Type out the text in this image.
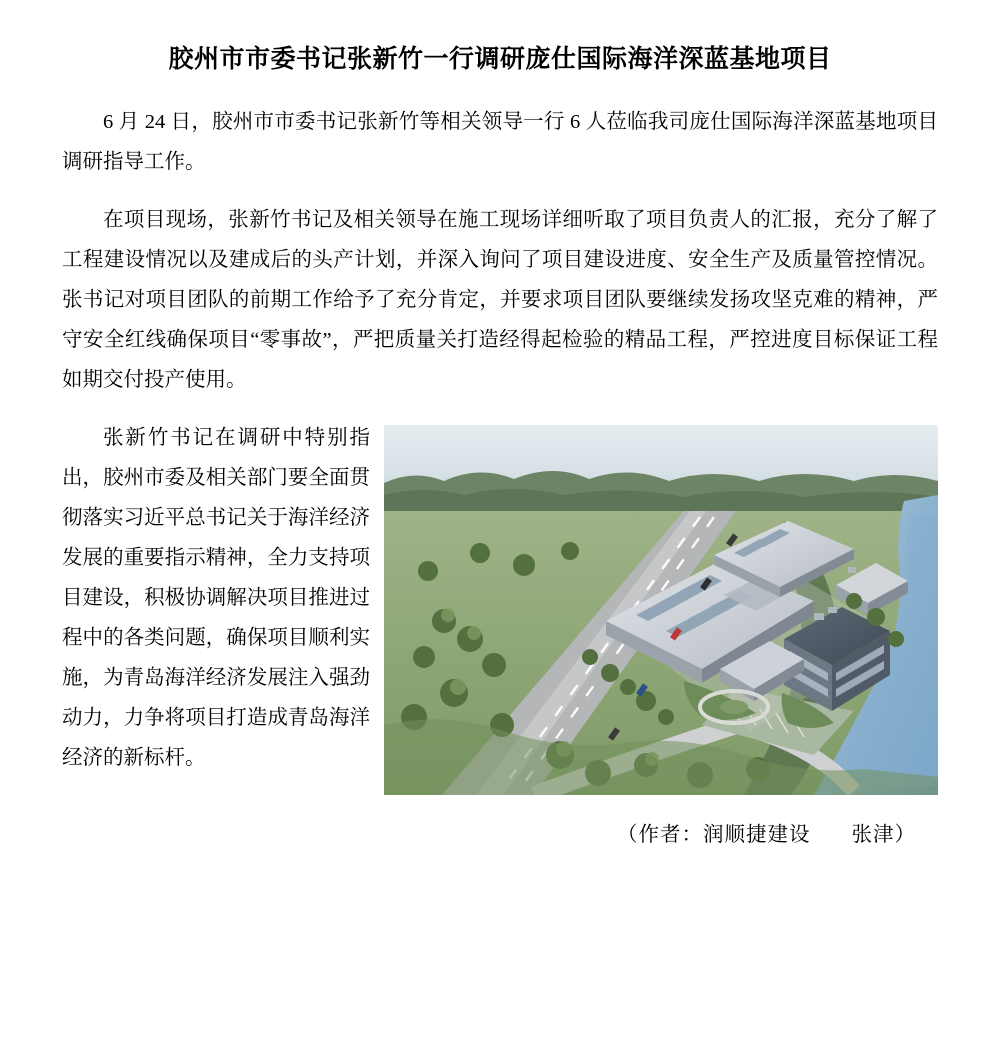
胶州市市委书记张新竹一行调研庞仕国际海洋深蓝基地项目

6 月 24 日，胶州市市委书记张新竹等相关领导一行 6 人莅临我司庞仕国际海洋深蓝基地项目调研指导工作。

在项目现场，张新竹书记及相关领导在施工现场详细听取了项目负责人的汇报，充分了解了工程建设情况以及建成后的头产计划，并深入询问了项目建设进度、安全生产及质量管控情况。张书记对项目团队的前期工作给予了充分肯定，并要求项目团队要继续发扬攻坚克难的精神，严守安全红线确保项目“零事故”，严把质量关打造经得起检验的精品工程，严控进度目标保证工程如期交付投产使用。

张新竹书记在调研中特别指出，胶州市委及相关部门要全面贯彻落实习近平总书记关于海洋经济发展的重要指示精神，全力支持项目建设，积极协调解决项目推进过程中的各类问题，确保项目顺利实施，为青岛海洋经济发展注入强劲动力，力争将项目打造成青岛海洋经济的新标杆。

（作者：润顺捷建设 张津）
